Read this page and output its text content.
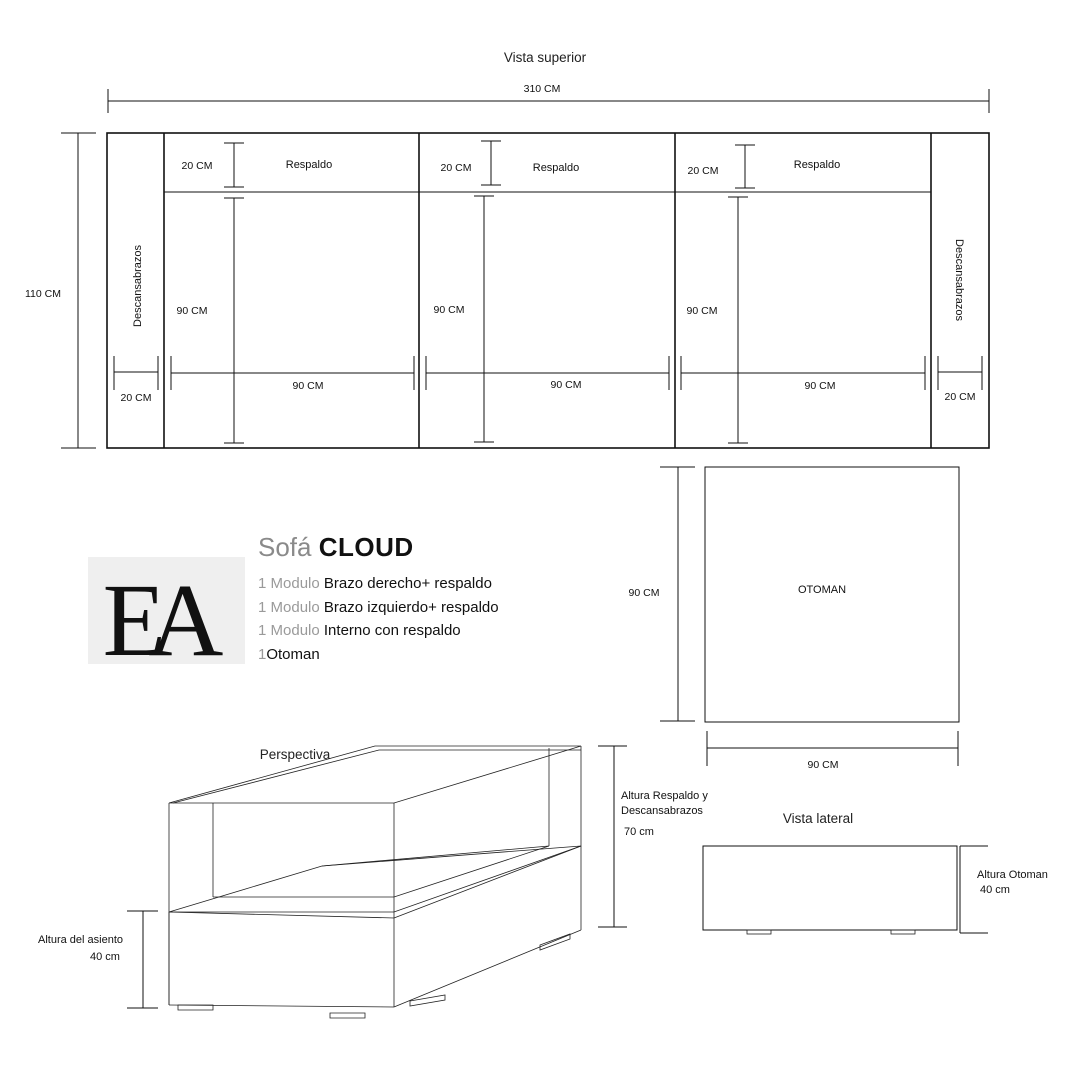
Vista superior
310 CM
110 CM	Descansabrazos
20 CM
Descansabrazos
20 CM
Respaldo
20 CM
90 CM
90 CM
Respaldo
20 CM
90 CM
90 CM
Respaldo
20 CM
90 CM
90 CM
OTOMAN
90 CM
90 CM
Perspectiva
Altura Respaldo y
Descansabrazos
70 cm
Altura del asiento
40 cm
Vista lateral
Altura Otoman
40 cm
EA
Sofá CLOUD
1 Modulo Brazo derecho+ respaldo
1 Modulo Brazo izquierdo+ respaldo
1 Modulo Interno con respaldo
1Otoman
